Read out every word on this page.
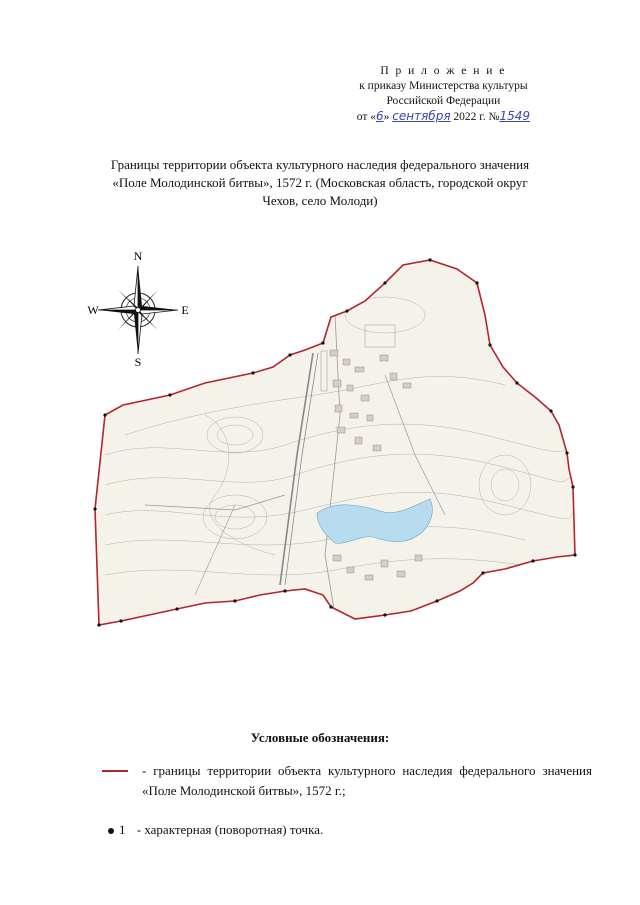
П р и л о ж е н и е
к приказу Министерства культуры
Российской Федерации
от «6» сентября 2022 г. №1549
Границы территории объекта культурного наследия федерального значения
«Поле Молодинской битвы», 1572 г. (Московская область, городской округ
Чехов, село Молоди)
N
S
W	E
Условные обозначения:
- границы территории объекта культурного наследия федерального значения «Поле Молодинской битвы», 1572 г.;
1 - характерная (поворотная) точка.
